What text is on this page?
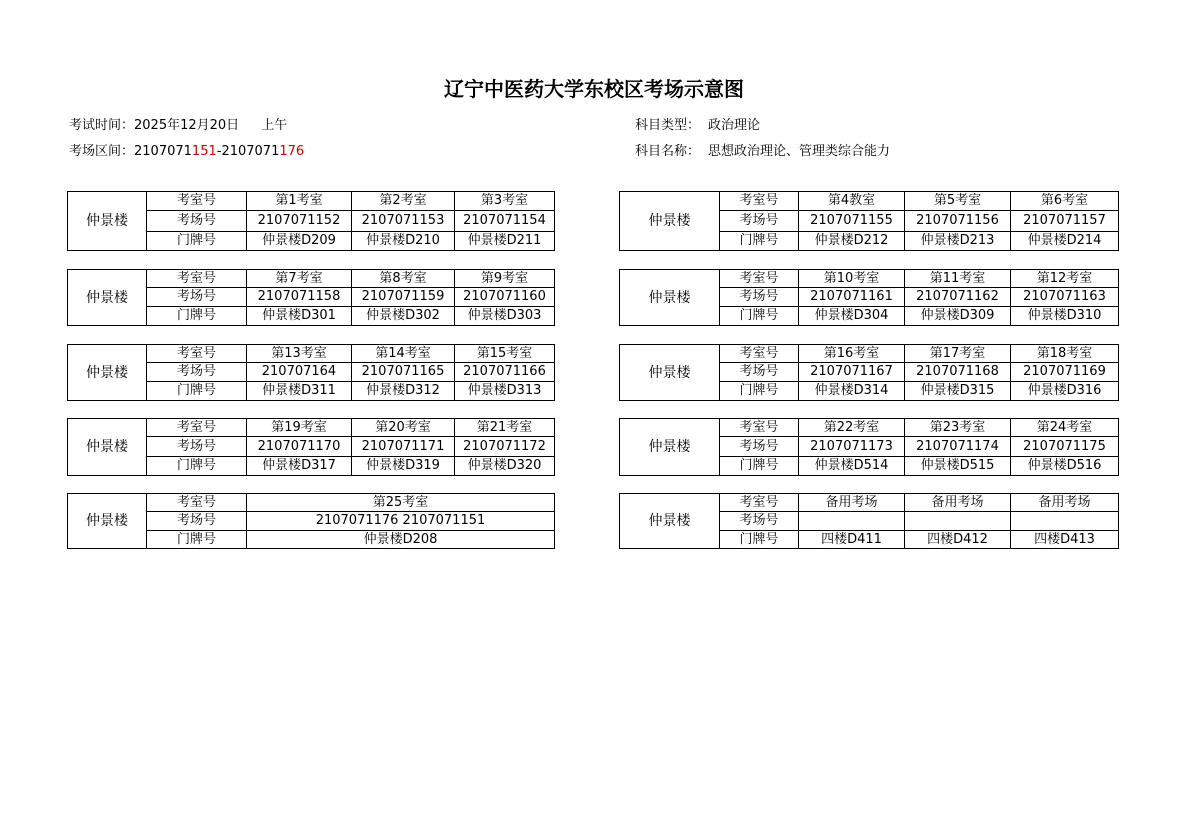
辽宁中医药大学东校区考场示意图
考试时间：2025年12月20日 上午
考场区间：2107071151-2107071176
科目类型： 政治理论
科目名称： 思想政治理论、管理类综合能力
仲景楼	考室号	第1考室	第2考室	第3考室
	考场号	2107071152	2107071153	2107071154
	门牌号	仲景楼D209	仲景楼D210	仲景楼D211
仲景楼	考室号	第4教室	第5考室	第6考室
	考场号	2107071155	2107071156	2107071157
	门牌号	仲景楼D212	仲景楼D213	仲景楼D214
仲景楼	考室号	第7考室	第8考室	第9考室
	考场号	2107071158	2107071159	2107071160
	门牌号	仲景楼D301	仲景楼D302	仲景楼D303
仲景楼	考室号	第10考室	第11考室	第12考室
	考场号	2107071161	2107071162	2107071163
	门牌号	仲景楼D304	仲景楼D309	仲景楼D310
仲景楼	考室号	第13考室	第14考室	第15考室
	考场号	210707164	2107071165	2107071166
	门牌号	仲景楼D311	仲景楼D312	仲景楼D313
仲景楼	考室号	第16考室	第17考室	第18考室
	考场号	2107071167	2107071168	2107071169
	门牌号	仲景楼D314	仲景楼D315	仲景楼D316
仲景楼	考室号	第19考室	第20考室	第21考室
	考场号	2107071170	2107071171	2107071172
	门牌号	仲景楼D317	仲景楼D319	仲景楼D320
仲景楼	考室号	第22考室	第23考室	第24考室
	考场号	2107071173	2107071174	2107071175
	门牌号	仲景楼D514	仲景楼D515	仲景楼D516
仲景楼	考室号	第25考室
	考场号	2107071176 2107071151
	门牌号	仲景楼D208
仲景楼	考室号	备用考场	备用考场	备用考场
	考场号			
	门牌号	四楼D411	四楼D412	四楼D413
